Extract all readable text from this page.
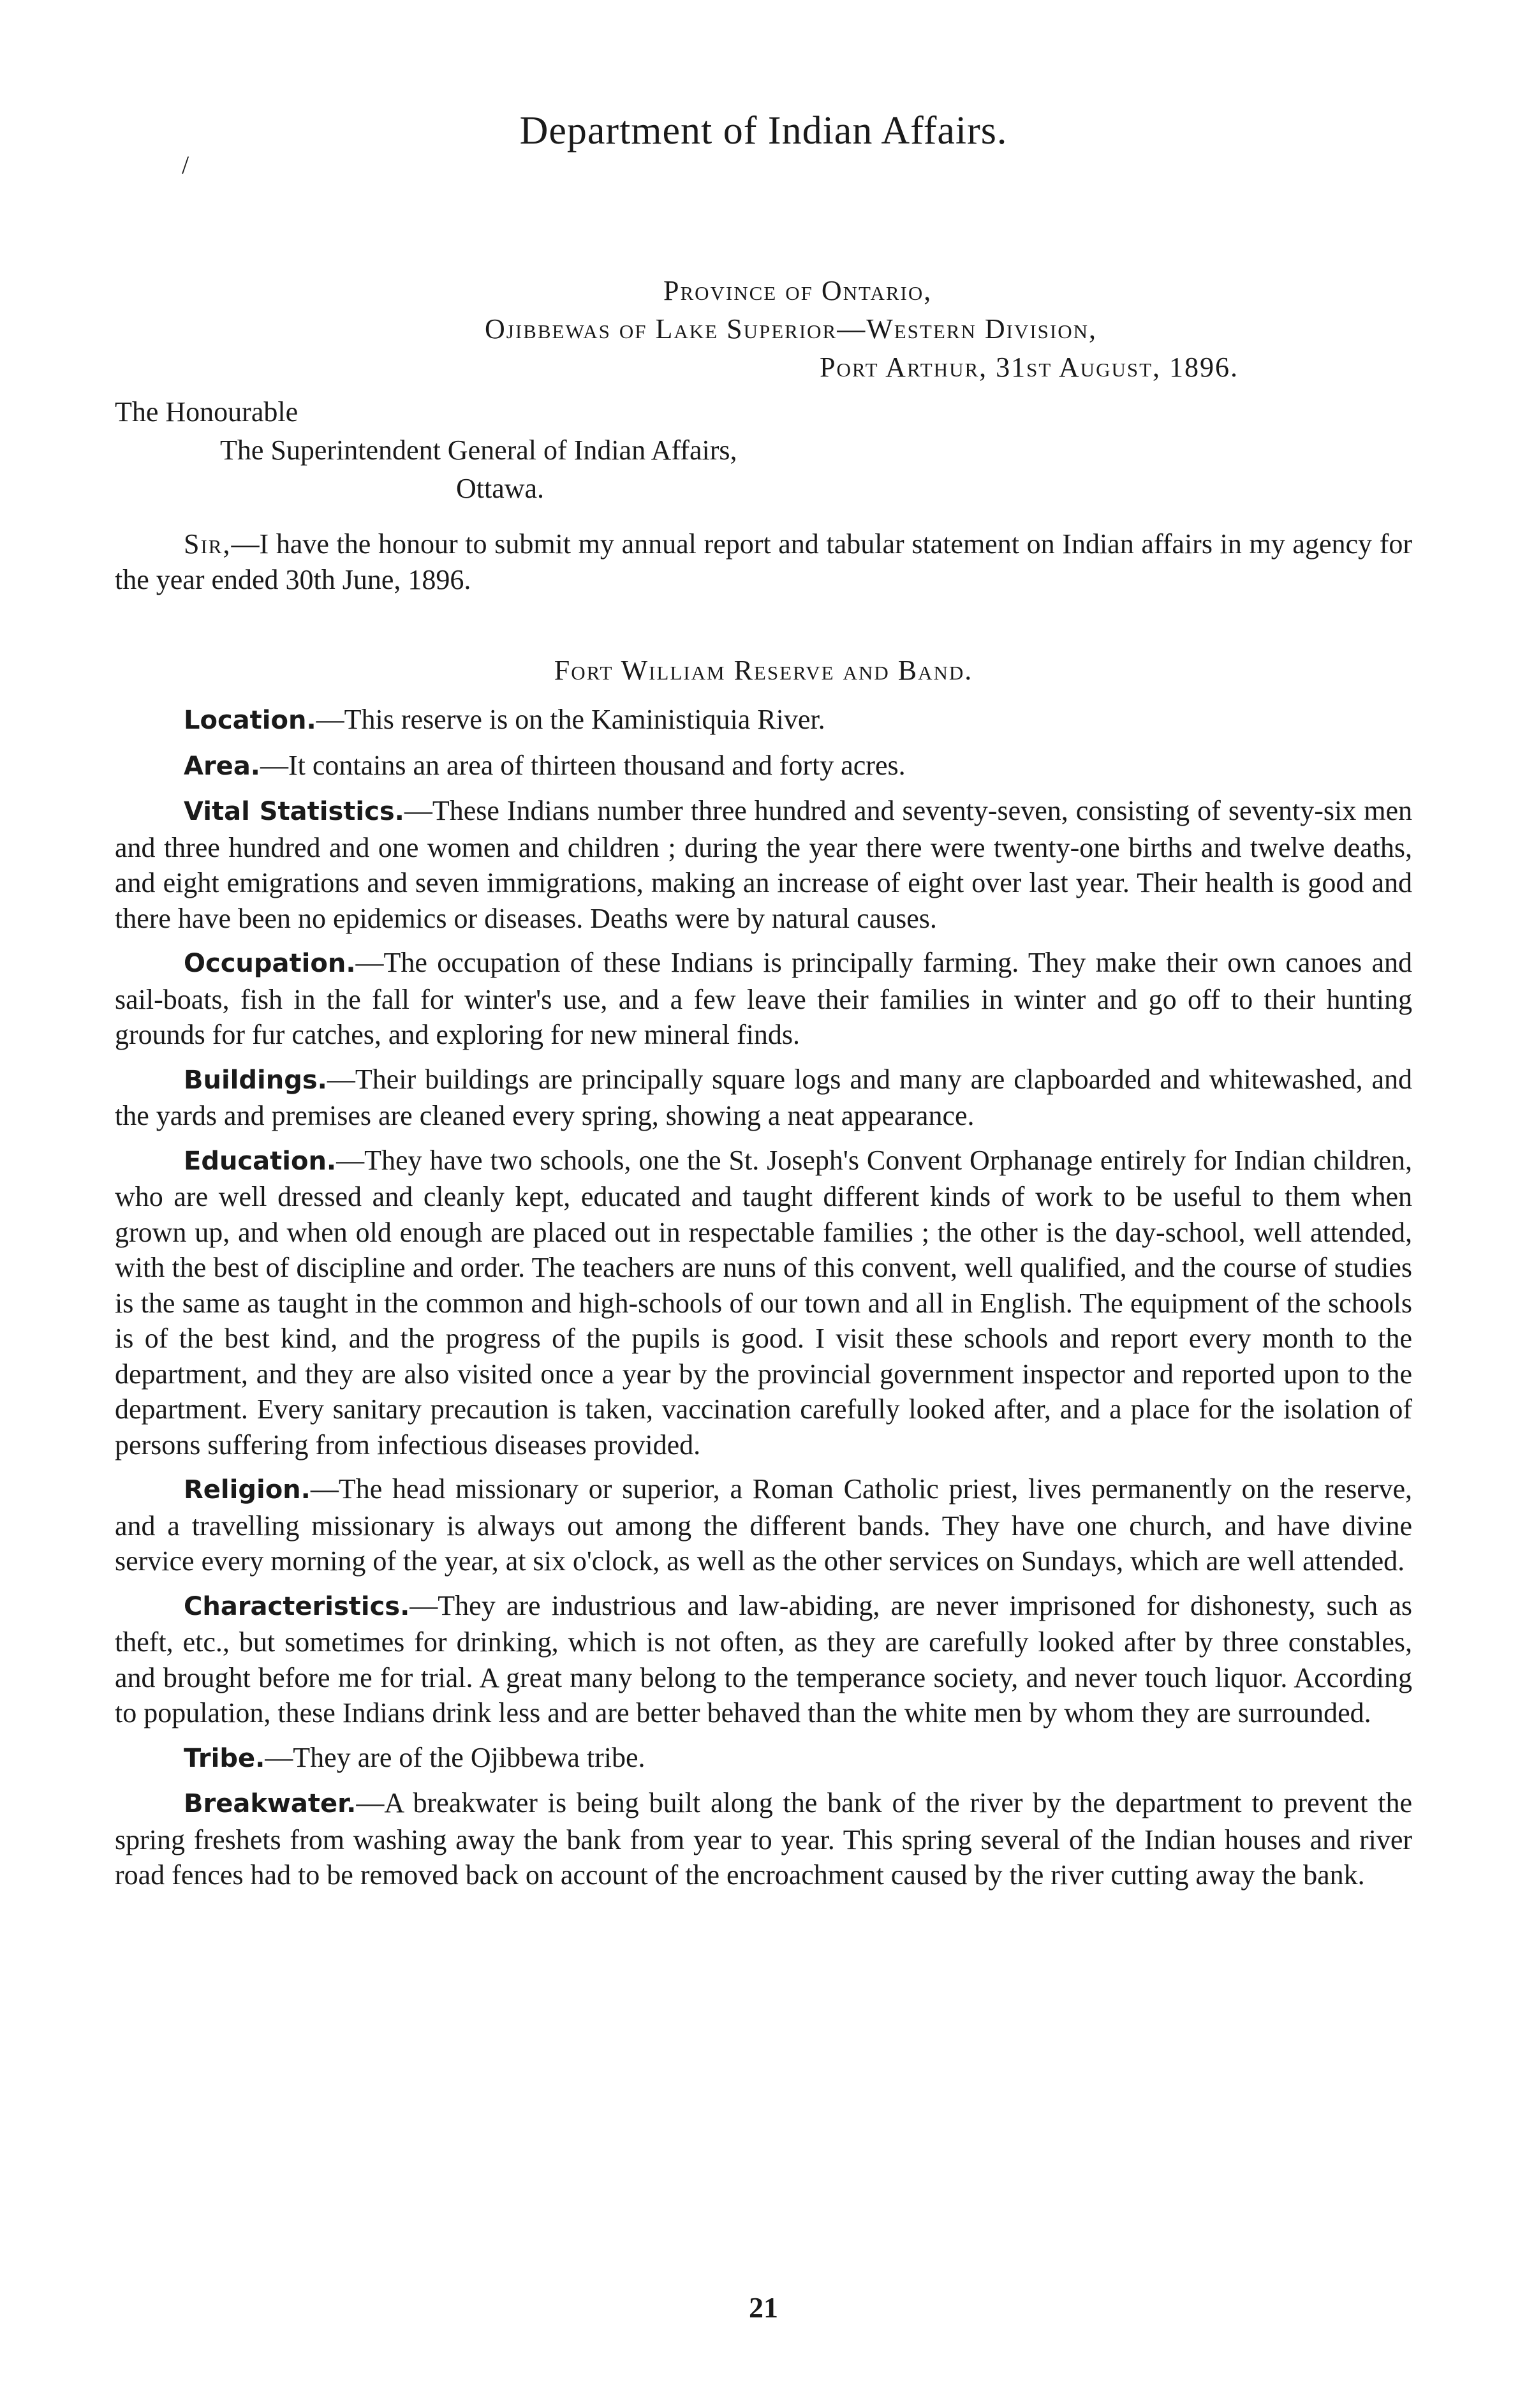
/
Department of Indian Affairs.
Province of Ontario,
Ojibbewas of Lake Superior—Western Division,
Port Arthur, 31st August, 1896.
The Honourable
The Superintendent General of Indian Affairs,
Ottawa.

Sir,—I have the honour to submit my annual report and tabular statement on Indian affairs in my agency for the year ended 30th June, 1896.

Fort William Reserve and Band.

Location.—This reserve is on the Kaministiquia River.

Area.—It contains an area of thirteen thousand and forty acres.

Vital Statistics.—These Indians number three hundred and seventy-seven, consisting of seventy-six men and three hundred and one women and children ; during the year there were twenty-one births and twelve deaths, and eight emigrations and seven immigrations, making an increase of eight over last year. Their health is good and there have been no epidemics or diseases. Deaths were by natural causes.

Occupation.—The occupation of these Indians is principally farming. They make their own canoes and sail-boats, fish in the fall for winter's use, and a few leave their families in winter and go off to their hunting grounds for fur catches, and exploring for new mineral finds.

Buildings.—Their buildings are principally square logs and many are clapboarded and whitewashed, and the yards and premises are cleaned every spring, showing a neat appearance.

Education.—They have two schools, one the St. Joseph's Convent Orphanage entirely for Indian children, who are well dressed and cleanly kept, educated and taught different kinds of work to be useful to them when grown up, and when old enough are placed out in respectable families ; the other is the day-school, well attended, with the best of discipline and order. The teachers are nuns of this convent, well qualified, and the course of studies is the same as taught in the common and high-schools of our town and all in English. The equipment of the schools is of the best kind, and the progress of the pupils is good. I visit these schools and report every month to the department, and they are also visited once a year by the provincial government inspector and reported upon to the department. Every sanitary precaution is taken, vaccination carefully looked after, and a place for the isolation of persons suffering from infectious diseases provided.

Religion.—The head missionary or superior, a Roman Catholic priest, lives permanently on the reserve, and a travelling missionary is always out among the different bands. They have one church, and have divine service every morning of the year, at six o'clock, as well as the other services on Sundays, which are well attended.

Characteristics.—They are industrious and law-abiding, are never imprisoned for dishonesty, such as theft, etc., but sometimes for drinking, which is not often, as they are carefully looked after by three constables, and brought before me for trial. A great many belong to the temperance society, and never touch liquor. According to population, these Indians drink less and are better behaved than the white men by whom they are surrounded.

Tribe.—They are of the Ojibbewa tribe.

Breakwater.—A breakwater is being built along the bank of the river by the department to prevent the spring freshets from washing away the bank from year to year. This spring several of the Indian houses and river road fences had to be removed back on account of the encroachment caused by the river cutting away the bank.

21
